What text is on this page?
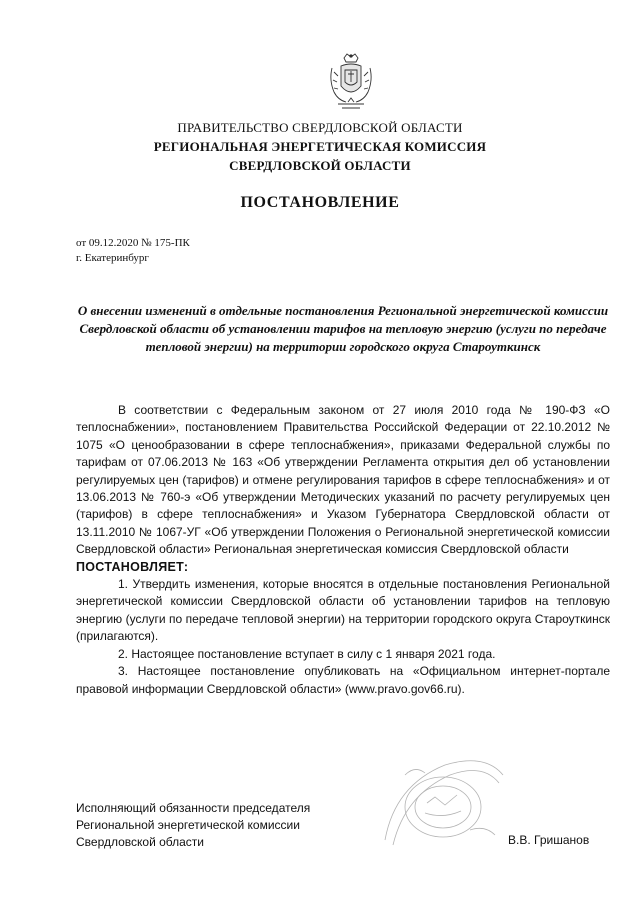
ПРАВИТЕЛЬСТВО СВЕРДЛОВСКОЙ ОБЛАСТИ
РЕГИОНАЛЬНАЯ ЭНЕРГЕТИЧЕСКАЯ КОМИССИЯ
СВЕРДЛОВСКОЙ ОБЛАСТИ
ПОСТАНОВЛЕНИЕ
от 09.12.2020 № 175-ПК
г. Екатеринбург
О внесении изменений в отдельные постановления Региональной энергетической комиссии Свердловской области об установлении тарифов на тепловую энергию (услуги по передаче тепловой энергии) на территории городского округа Староуткинск

В соответствии с Федеральным законом от 27 июля 2010 года № 190-ФЗ «О теплоснабжении», постановлением Правительства Российской Федерации от 22.10.2012 № 1075 «О ценообразовании в сфере теплоснабжения», приказами Федеральной службы по тарифам от 07.06.2013 № 163 «Об утверждении Регламента открытия дел об установлении регулируемых цен (тарифов) и отмене регулирования тарифов в сфере теплоснабжения» и от 13.06.2013 № 760-э «Об утверждении Методических указаний по расчету регулируемых цен (тарифов) в сфере теплоснабжения» и Указом Губернатора Свердловской области от 13.11.2010 № 1067-УГ «Об утверждении Положения о Региональной энергетической комиссии Свердловской области» Региональная энергетическая комиссия Свердловской области

ПОСТАНОВЛЯЕТ:

1. Утвердить изменения, которые вносятся в отдельные постановления Региональной энергетической комиссии Свердловской области об установлении тарифов на тепловую энергию (услуги по передаче тепловой энергии) на территории городского округа Староуткинск (прилагаются).

2. Настоящее постановление вступает в силу с 1 января 2021 года.

3. Настоящее постановление опубликовать на «Официальном интернет-портале правовой информации Свердловской области» (www.pravo.gov66.ru).

Исполняющий обязанности председателя
Региональной энергетической комиссии
Свердловской области	В.В. Гришанов
